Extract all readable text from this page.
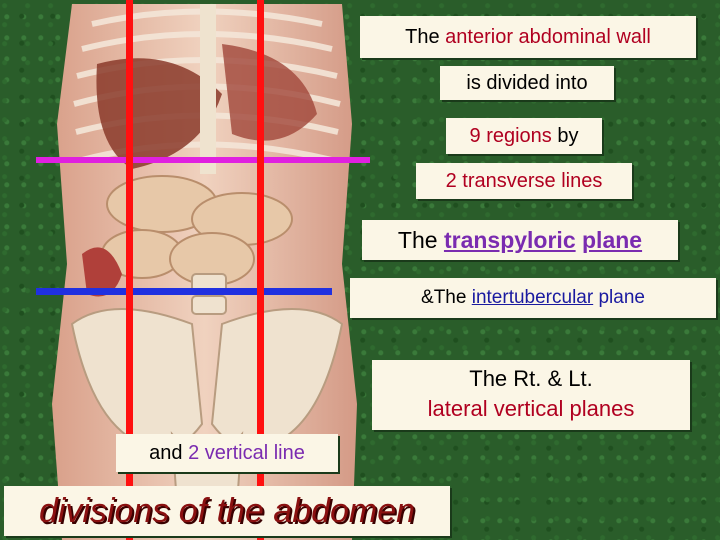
The anterior abdominal wall
is divided into
9 regions by
2 transverse lines
The transpyloric plane
&The intertubercular plane
The Rt. & Lt.
lateral vertical planes
and 2 vertical line
divisions of the abdomen
